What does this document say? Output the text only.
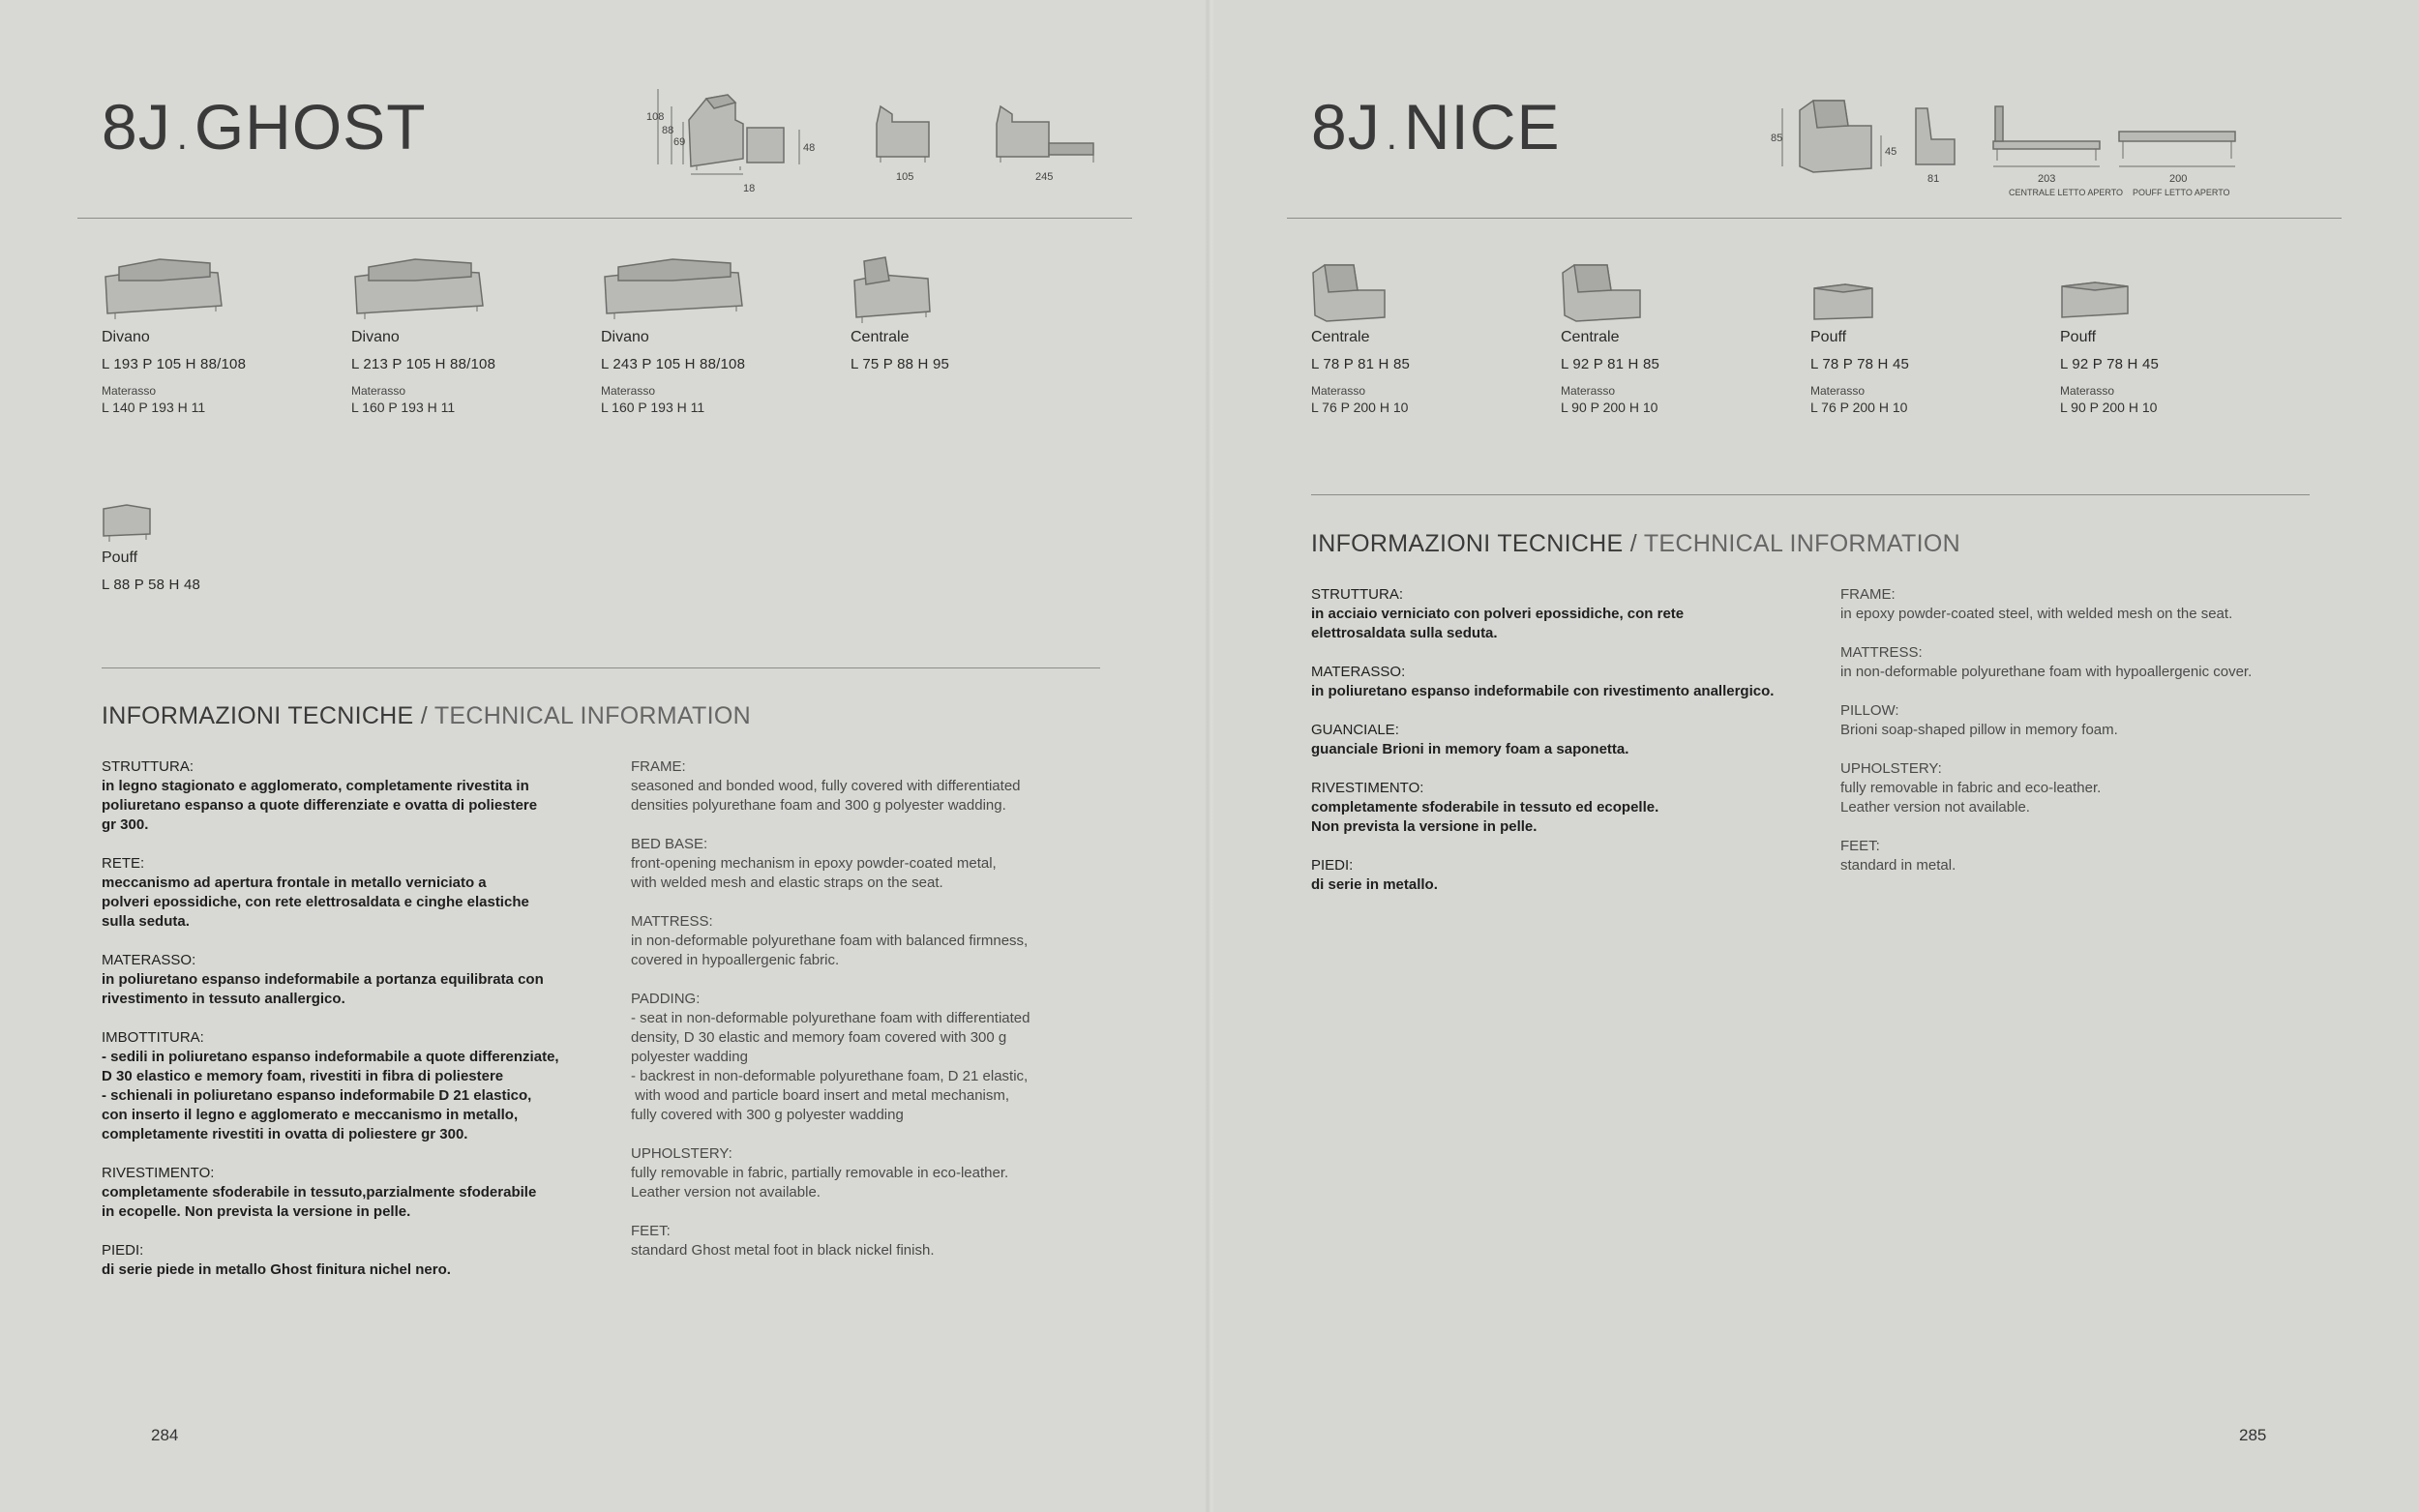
8J .GHOST	108
88
69	48
18
105	245
Divano
L 193 P 105 H 88/108
Materasso
L 140 P 193 H 11
Divano
L 213 P 105 H 88/108
Materasso
L 160 P 193 H 11
Divano
L 243 P 105 H 88/108
Materasso
L 160 P 193 H 11
Centrale
L 75 P 88 H 95
Pouff
L 88 P 58 H 48
INFORMAZIONI TECNICHE / TECHNICAL INFORMATION
STRUTTURA:
in legno stagionato e agglomerato, completamente rivestita in
poliuretano espanso a quote differenziate e ovatta di poliestere
gr 300.
RETE:
meccanismo ad apertura frontale in metallo verniciato a
polveri epossidiche, con rete elettrosaldata e cinghe elastiche
sulla seduta.
MATERASSO:
in poliuretano espanso indeformabile a portanza equilibrata con
rivestimento in tessuto anallergico.
IMBOTTITURA:
- sedili in poliuretano espanso indeformabile a quote differenziate,
D 30 elastico e memory foam, rivestiti in fibra di poliestere
- schienali in poliuretano espanso indeformabile D 21 elastico,
con inserto il legno e agglomerato e meccanismo in metallo,
completamente rivestiti in ovatta di poliestere gr 300.
RIVESTIMENTO:
completamente sfoderabile in tessuto,parzialmente sfoderabile
in ecopelle. Non prevista la versione in pelle.
PIEDI:
di serie piede in metallo Ghost finitura nichel nero.
FRAME:
seasoned and bonded wood, fully covered with differentiated
densities polyurethane foam and 300 g polyester wadding.
BED BASE:
front-opening mechanism in epoxy powder-coated metal,
with welded mesh and elastic straps on the seat.
MATTRESS:
in non-deformable polyurethane foam with balanced firmness,
covered in hypoallergenic fabric.
PADDING:
- seat in non-deformable polyurethane foam with differentiated
density, D 30 elastic and memory foam covered with 300 g
polyester wadding
- backrest in non-deformable polyurethane foam, D 21 elastic,
with wood and particle board insert and metal mechanism,
fully covered with 300 g polyester wadding
UPHOLSTERY:
fully removable in fabric, partially removable in eco-leather.
Leather version not available.
FEET:
standard Ghost metal foot in black nickel finish.
284
8J .NICE	85
45
81	203
CENTRALE LETTO APERTO
200
POUFF LETTO APERTO
Centrale
L 78 P 81 H 85
Materasso
L 76 P 200 H 10
Centrale
L 92 P 81 H 85
Materasso
L 90 P 200 H 10
Pouff
L 78 P 78 H 45
Materasso
L 76 P 200 H 10
Pouff
L 92 P 78 H 45
Materasso
L 90 P 200 H 10
INFORMAZIONI TECNICHE / TECHNICAL INFORMATION
STRUTTURA:
in acciaio verniciato con polveri epossidiche, con rete
elettrosaldata sulla seduta.
MATERASSO:
in poliuretano espanso indeformabile con rivestimento anallergico.
GUANCIALE:
guanciale Brioni in memory foam a saponetta.
RIVESTIMENTO:
completamente sfoderabile in tessuto ed ecopelle.
Non prevista la versione in pelle.
PIEDI:
di serie in metallo.
FRAME:
in epoxy powder-coated steel, with welded mesh on the seat.
MATTRESS:
in non-deformable polyurethane foam with hypoallergenic cover.
PILLOW:
Brioni soap-shaped pillow in memory foam.
UPHOLSTERY:
fully removable in fabric and eco-leather.
Leather version not available.
FEET:
standard in metal.
285
